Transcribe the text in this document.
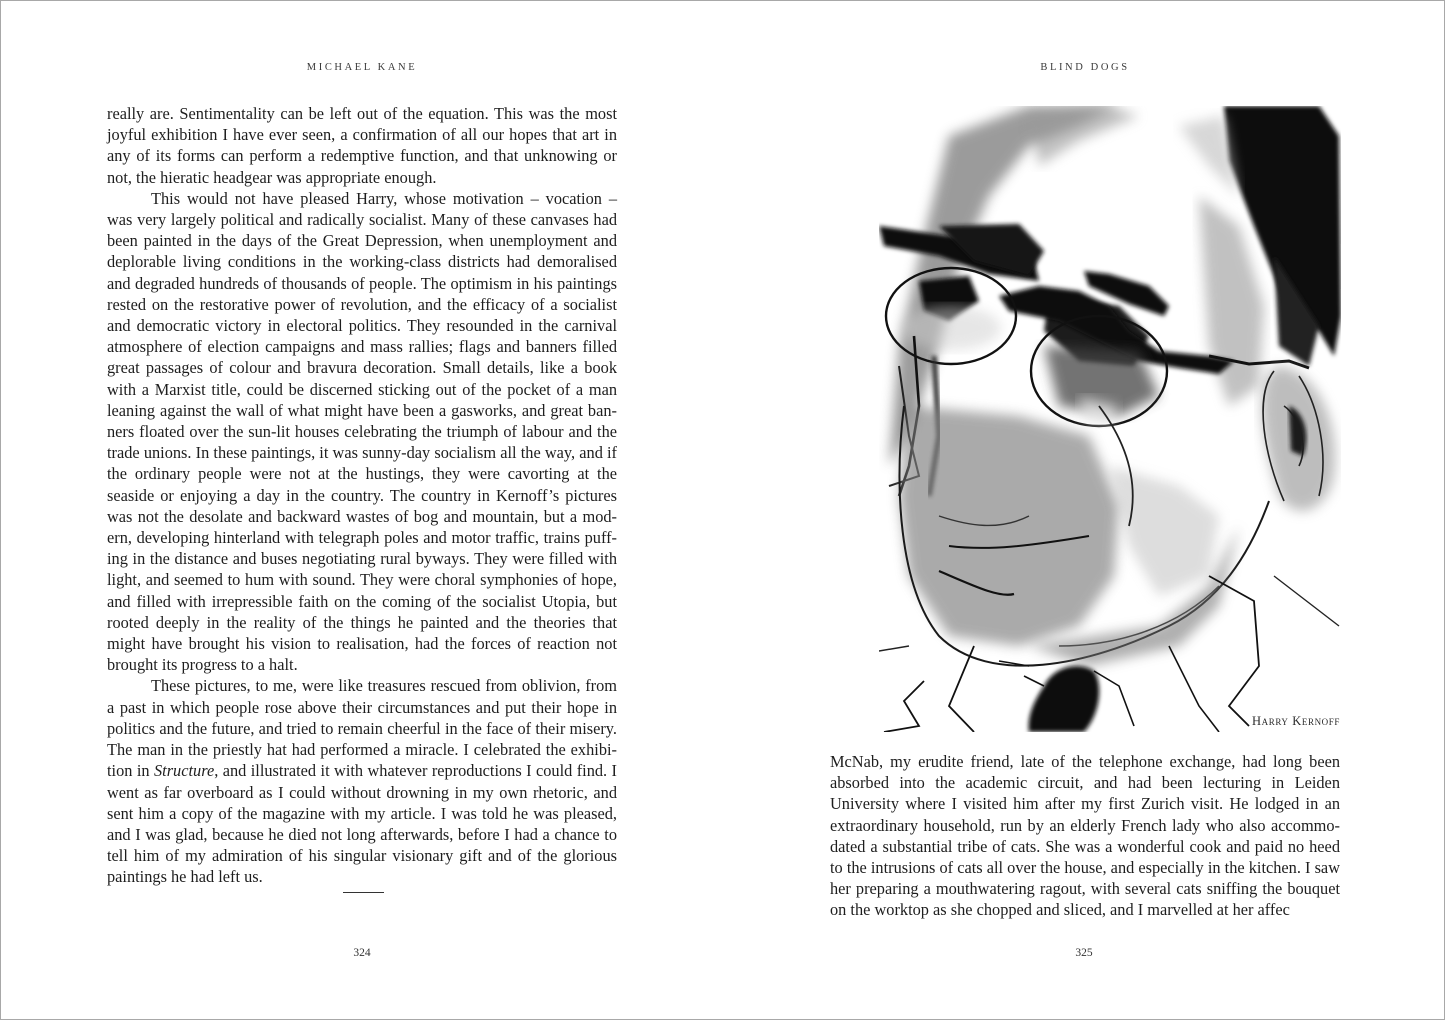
MICHAEL KANE

really are. Sentimentality can be left out of the equation. This was the most joyful exhibition I have ever seen, a confirmation of all our hopes that art in any of its forms can perform a redemptive function, and that unknowing or not, the hieratic headgear was appropriate enough.

This would not have pleased Harry, whose motivation – vocation – was very largely political and radically socialist. Many of these canvases had been painted in the days of the Great Depression, when unemployment and deplorable living conditions in the working-class districts had demoralised and degraded hundreds of thousands of people. The optimism in his paintings rested on the restorative power of revolution, and the efficacy of a socialist and democratic victory in electoral politics. They resounded in the carnival atmosphere of election campaigns and mass rallies; flags and banners filled great passages of colour and bravura decoration. Small details, like a book with a Marxist title, could be discerned sticking out of the pocket of a man leaning against the wall of what might have been a gasworks, and great banners floated over the sun-lit houses celebrating the triumph of labour and the trade unions. In these paintings, it was sunny-day socialism all the way, and if the ordinary people were not at the hustings, they were cavorting at the seaside or enjoying a day in the country. The country in Kernoff’s pictures was not the desolate and backward wastes of bog and mountain, but a modern, developing hinterland with telegraph poles and motor traffic, trains puffing in the distance and buses negotiating rural byways. They were filled with light, and seemed to hum with sound. They were choral symphonies of hope, and filled with irrepressible faith on the coming of the socialist Utopia, but rooted deeply in the reality of the things he painted and the theories that might have brought his vision to realisation, had the forces of reaction not brought its progress to a halt.

These pictures, to me, were like treasures rescued from oblivion, from a past in which people rose above their circumstances and put their hope in politics and the future, and tried to remain cheerful in the face of their misery. The man in the priestly hat had performed a miracle. I celebrated the exhibition in Structure, and illustrated it with whatever reproductions I could find. I went as far overboard as I could without drowning in my own rhetoric, and sent him a copy of the magazine with my article. I was told he was pleased, and I was glad, because he died not long afterwards, before I had a chance to tell him of my admiration of his singular visionary gift and of the glorious paintings he had left us.

324
BLIND DOGS
Harry Kernoff

McNab, my erudite friend, late of the telephone exchange, had long been absorbed into the academic circuit, and had been lecturing in Leiden University where I visited him after my first Zurich visit. He lodged in an extraordinary household, run by an elderly French lady who also accommodated a substantial tribe of cats. She was a wonderful cook and paid no heed to the intrusions of cats all over the house, and especially in the kitchen. I saw her preparing a mouthwatering ragout, with several cats sniffing the bouquet on the worktop as she chopped and sliced, and I marvelled at her affec

325
